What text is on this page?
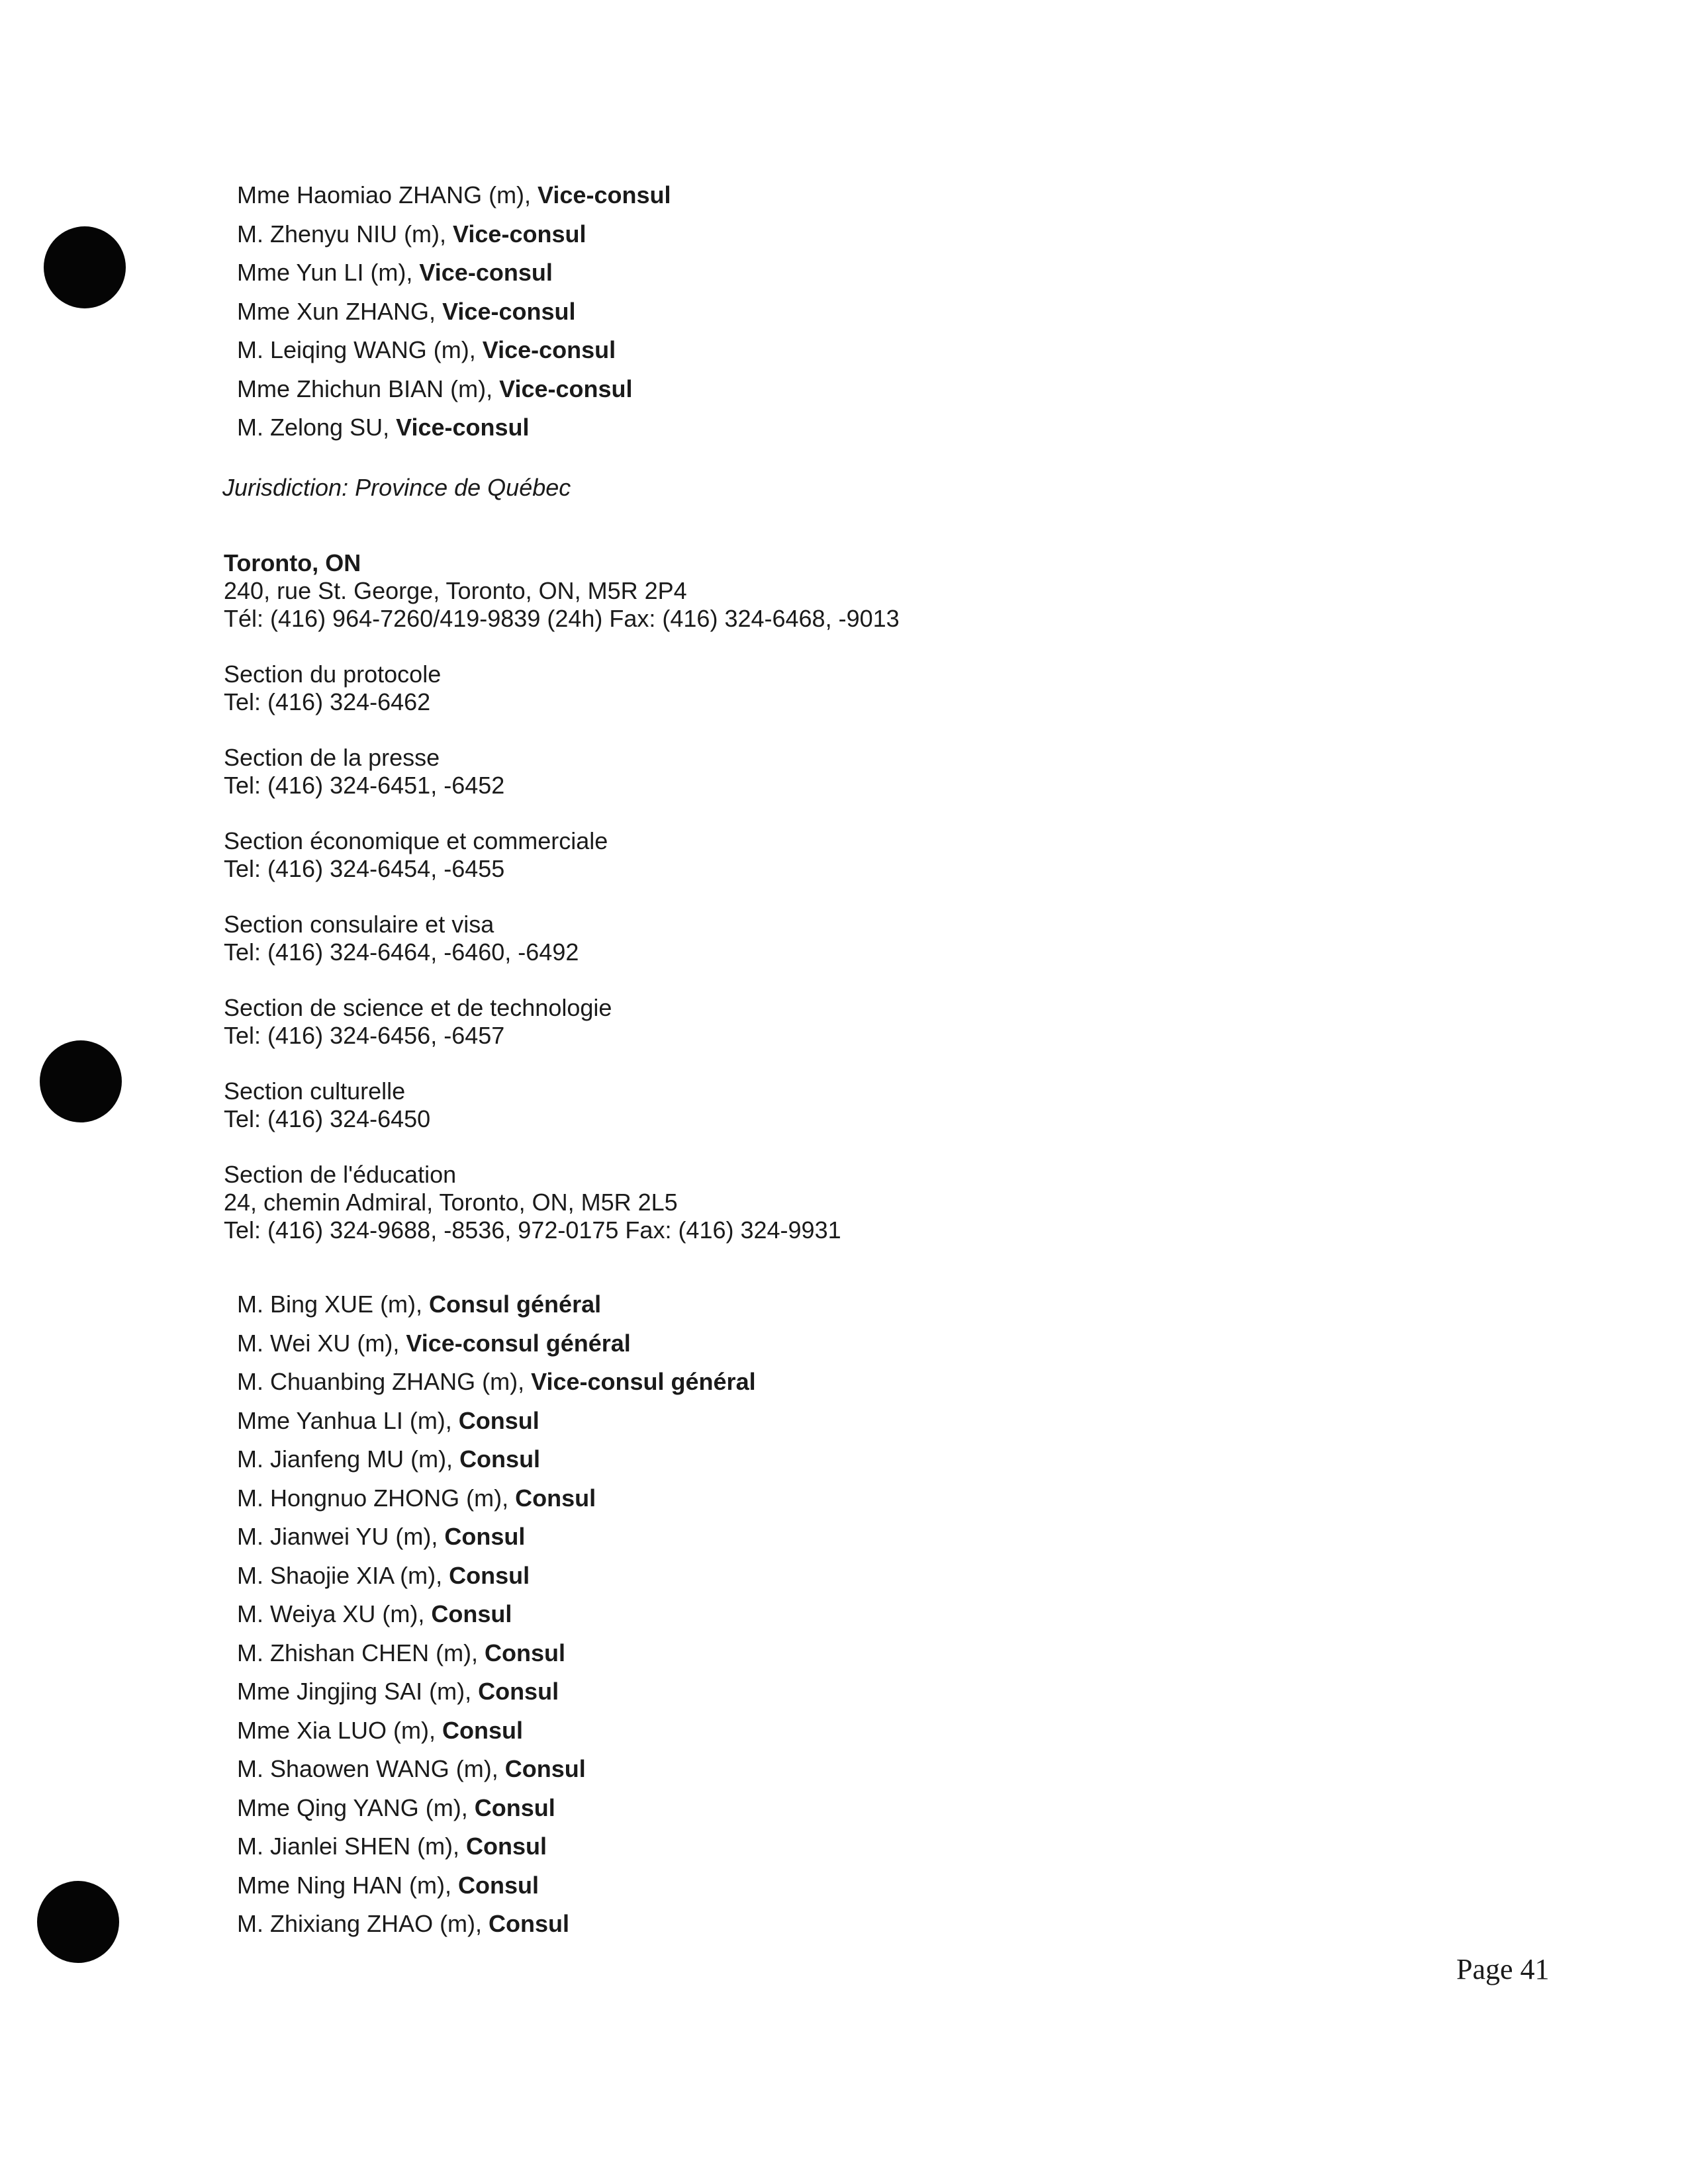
Mme Haomiao ZHANG (m), Vice-consul
M. Zhenyu NIU (m), Vice-consul
Mme Yun LI (m), Vice-consul
Mme Xun ZHANG, Vice-consul
M. Leiqing WANG (m), Vice-consul
Mme Zhichun BIAN (m), Vice-consul
M. Zelong SU, Vice-consul
Jurisdiction: Province de Québec
Toronto, ON
240, rue St. George, Toronto, ON, M5R 2P4
Tél: (416) 964-7260/419-9839 (24h) Fax: (416) 324-6468, -9013
Section du protocole
Tel: (416) 324-6462
Section de la presse
Tel: (416) 324-6451, -6452
Section économique et commerciale
Tel: (416) 324-6454, -6455
Section consulaire et visa
Tel: (416) 324-6464, -6460, -6492
Section de science et de technologie
Tel: (416) 324-6456, -6457
Section culturelle
Tel: (416) 324-6450
Section de l'éducation
24, chemin Admiral, Toronto, ON, M5R 2L5
Tel: (416) 324-9688, -8536, 972-0175 Fax: (416) 324-9931
M. Bing XUE (m), Consul général
M. Wei XU (m), Vice-consul général
M. Chuanbing ZHANG (m), Vice-consul général
Mme Yanhua LI (m), Consul
M. Jianfeng MU (m), Consul
M. Hongnuo ZHONG (m), Consul
M. Jianwei YU (m), Consul
M. Shaojie XIA (m), Consul
M. Weiya XU (m), Consul
M. Zhishan CHEN (m), Consul
Mme Jingjing SAI (m), Consul
Mme Xia LUO (m), Consul
M. Shaowen WANG (m), Consul
Mme Qing YANG (m), Consul
M. Jianlei SHEN (m), Consul
Mme Ning HAN (m), Consul
M. Zhixiang ZHAO (m), Consul
Page 41
